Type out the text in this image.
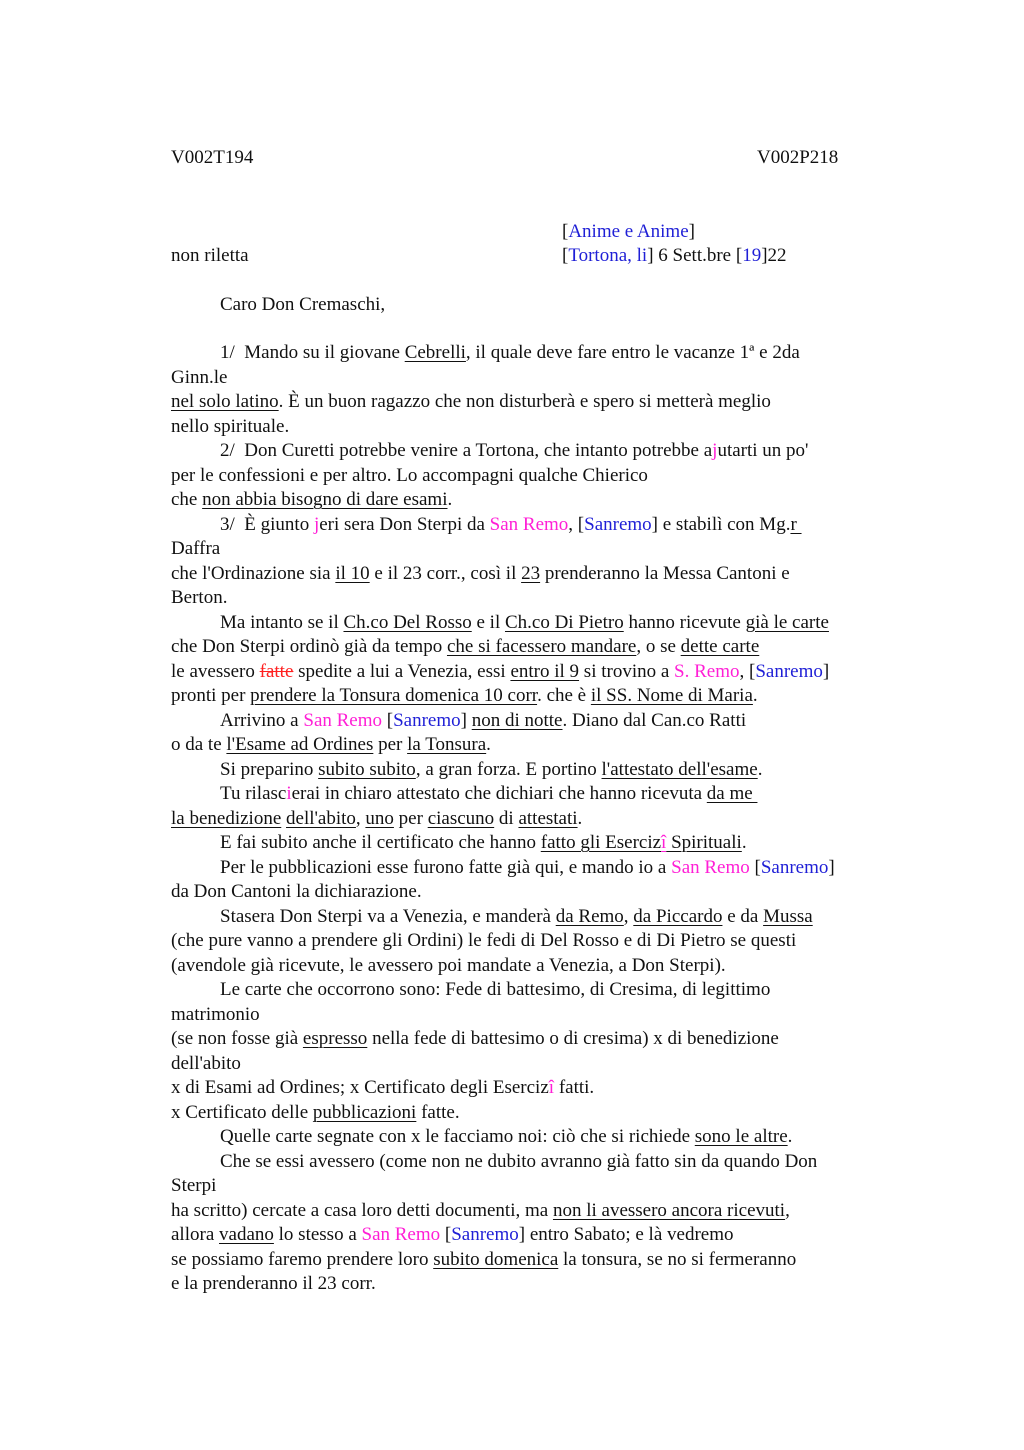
V002T194	V002P218
[Anime e Anime]
non riletta	[Tortona, li] 6 Sett.bre [19]22
Caro Don Cremaschi,

1/  Mando su il giovane Cebrelli, il quale deve fare entro le vacanze 1ª e 2da

Ginn.le

nel solo latino. È un buon ragazzo che non disturberà e spero si metterà meglio

nello spirituale.

2/  Don Curetti potrebbe venire a Tortona, che intanto potrebbe ajutarti un po'

per le confessioni e per altro. Lo accompagni qualche Chierico

che non abbia bisogno di dare esami.

3/  È giunto jeri sera Don Sterpi da San Remo, [Sanremo] e stabilì con Mg.r

Daffra

che l'Ordinazione sia il 10 e il 23 corr., così il 23 prenderanno la Messa Cantoni e

Berton.

Ma intanto se il Ch.co Del Rosso e il Ch.co Di Pietro hanno ricevute già le carte

che Don Sterpi ordinò già da tempo che si facessero mandare, o se dette carte

le avessero fatte spedite a lui a Venezia, essi entro il 9 si trovino a S. Remo, [Sanremo]

pronti per prendere la Tonsura domenica 10 corr. che è il SS. Nome di Maria.

Arrivino a San Remo [Sanremo] non di notte. Diano dal Can.co Ratti

o da te l'Esame ad Ordines per la Tonsura.

Si preparino subito subito, a gran forza. E portino l'attestato dell'esame.

Tu rilascierai in chiaro attestato che dichiari che hanno ricevuta da me

la benedizione dell'abito, uno per ciascuno di attestati.

E fai subito anche il certificato che hanno fatto gli Esercizî Spirituali.

Per le pubblicazioni esse furono fatte già qui, e mando io a San Remo [Sanremo]

da Don Cantoni la dichiarazione.

Stasera Don Sterpi va a Venezia, e manderà da Remo, da Piccardo e da Mussa

(che pure vanno a prendere gli Ordini) le fedi di Del Rosso e di Di Pietro se questi

(avendole già ricevute, le avessero poi mandate a Venezia, a Don Sterpi).

Le carte che occorrono sono: Fede di battesimo, di Cresima, di legittimo

matrimonio

(se non fosse già espresso nella fede di battesimo o di cresima) x di benedizione

dell'abito

x di Esami ad Ordines; x Certificato degli Esercizî fatti.

x Certificato delle pubblicazioni fatte.

Quelle carte segnate con x le facciamo noi: ciò che si richiede sono le altre.

Che se essi avessero (come non ne dubito avranno già fatto sin da quando Don

Sterpi

ha scritto) cercate a casa loro detti documenti, ma non li avessero ancora ricevuti,

allora vadano lo stesso a San Remo [Sanremo] entro Sabato; e là vedremo

se possiamo faremo prendere loro subito domenica la tonsura, se no si fermeranno

e la prenderanno il 23 corr.
